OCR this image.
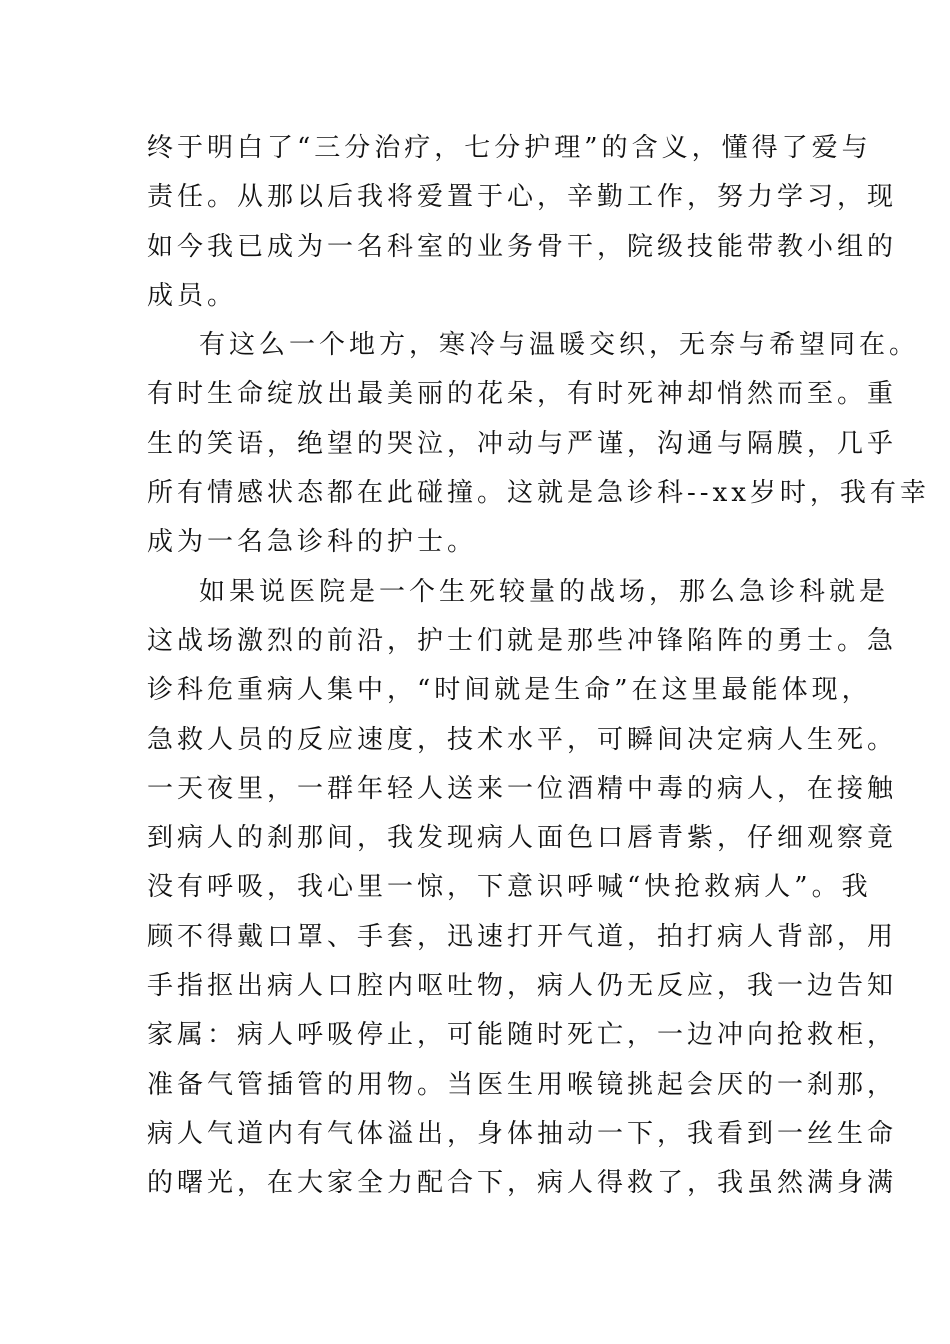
终于明白了“三分治疗，七分护理”的含义，懂得了爱与
责任。从那以后我将爱置于心，辛勤工作，努力学习，现
如今我已成为一名科室的业务骨干，院级技能带教小组的
成员。
有这么一个地方，寒冷与温暖交织，无奈与希望同在。
有时生命绽放出最美丽的花朵，有时死神却悄然而至。重
生的笑语，绝望的哭泣，冲动与严谨，沟通与隔膜，几乎
所有情感状态都在此碰撞。这就是急诊科--xx岁时，我有幸
成为一名急诊科的护士。
如果说医院是一个生死较量的战场，那么急诊科就是
这战场激烈的前沿，护士们就是那些冲锋陷阵的勇士。急
诊科危重病人集中，“时间就是生命”在这里最能体现，
急救人员的反应速度，技术水平，可瞬间决定病人生死。
一天夜里，一群年轻人送来一位酒精中毒的病人，在接触
到病人的刹那间，我发现病人面色口唇青紫，仔细观察竟
没有呼吸，我心里一惊，下意识呼喊“快抢救病人”。我
顾不得戴口罩、手套，迅速打开气道，拍打病人背部，用
手指抠出病人口腔内呕吐物，病人仍无反应，我一边告知
家属：病人呼吸停止，可能随时死亡，一边冲向抢救柜，
准备气管插管的用物。当医生用喉镜挑起会厌的一刹那，
病人气道内有气体溢出，身体抽动一下，我看到一丝生命
的曙光，在大家全力配合下，病人得救了，我虽然满身满
